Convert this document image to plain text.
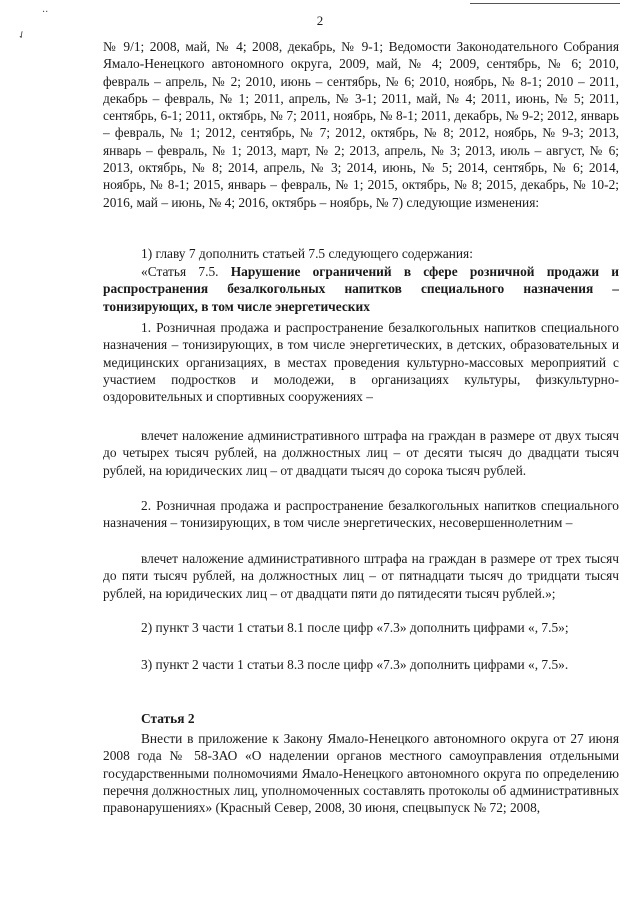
..
✓
2

№ 9/1; 2008, май, № 4; 2008, декабрь, № 9-1; Ведомости Законодательного Собрания Ямало-Ненецкого автономного округа, 2009, май, № 4; 2009, сентябрь, № 6; 2010, февраль – апрель, № 2; 2010, июнь – сентябрь, № 6; 2010, ноябрь, № 8-1; 2010 – 2011, декабрь – февраль, № 1; 2011, апрель, № 3-1; 2011, май, № 4; 2011, июнь, № 5; 2011, сентябрь, 6-1; 2011, октябрь, № 7; 2011, ноябрь, № 8-1; 2011, декабрь, № 9-2; 2012, январь – февраль, № 1; 2012, сентябрь, № 7; 2012, октябрь, № 8; 2012, ноябрь, № 9-3; 2013, январь – февраль, № 1; 2013, март, № 2; 2013, апрель, № 3; 2013, июль – август, № 6; 2013, октябрь, № 8; 2014, апрель, № 3; 2014, июнь, № 5; 2014, сентябрь, № 6; 2014, ноябрь, № 8-1; 2015, январь – февраль, № 1; 2015, октябрь, № 8; 2015, декабрь, № 10-2; 2016, май – июнь, № 4; 2016, октябрь – ноябрь, № 7) следующие изменения:

1) главу 7 дополнить статьей 7.5 следующего содержания:

«Статья 7.5. Нарушение ограничений в сфере розничной продажи и распространения безалкогольных напитков специального назначения – тонизирующих, в том числе энергетических

1. Розничная продажа и распространение безалкогольных напитков специального назначения – тонизирующих, в том числе энергетических, в детских, образовательных и медицинских организациях, в местах проведения культурно-массовых мероприятий с участием подростков и молодежи, в организациях культуры, физкультурно-оздоровительных и спортивных сооружениях –

влечет наложение административного штрафа на граждан в размере от двух тысяч до четырех тысяч рублей, на должностных лиц – от десяти тысяч до двадцати тысяч рублей, на юридических лиц – от двадцати тысяч до сорока тысяч рублей.

2. Розничная продажа и распространение безалкогольных напитков специального назначения – тонизирующих, в том числе энергетических, несовершеннолетним –

влечет наложение административного штрафа на граждан в размере от трех тысяч до пяти тысяч рублей, на должностных лиц – от пятнадцати тысяч до тридцати тысяч рублей, на юридических лиц – от двадцати пяти до пятидесяти тысяч рублей.»;

2) пункт 3 части 1 статьи 8.1 после цифр «7.3» дополнить цифрами «, 7.5»;

3) пункт 2 части 1 статьи 8.3 после цифр «7.3» дополнить цифрами «, 7.5».

Статья 2

Внести в приложение к Закону Ямало-Ненецкого автономного округа от 27 июня 2008 года № 58-ЗАО «О наделении органов местного самоуправления отдельными государственными полномочиями Ямало-Ненецкого автономного округа по определению перечня должностных лиц, уполномоченных составлять протоколы об административных правонарушениях» (Красный Север, 2008, 30 июня, спецвыпуск № 72; 2008,
